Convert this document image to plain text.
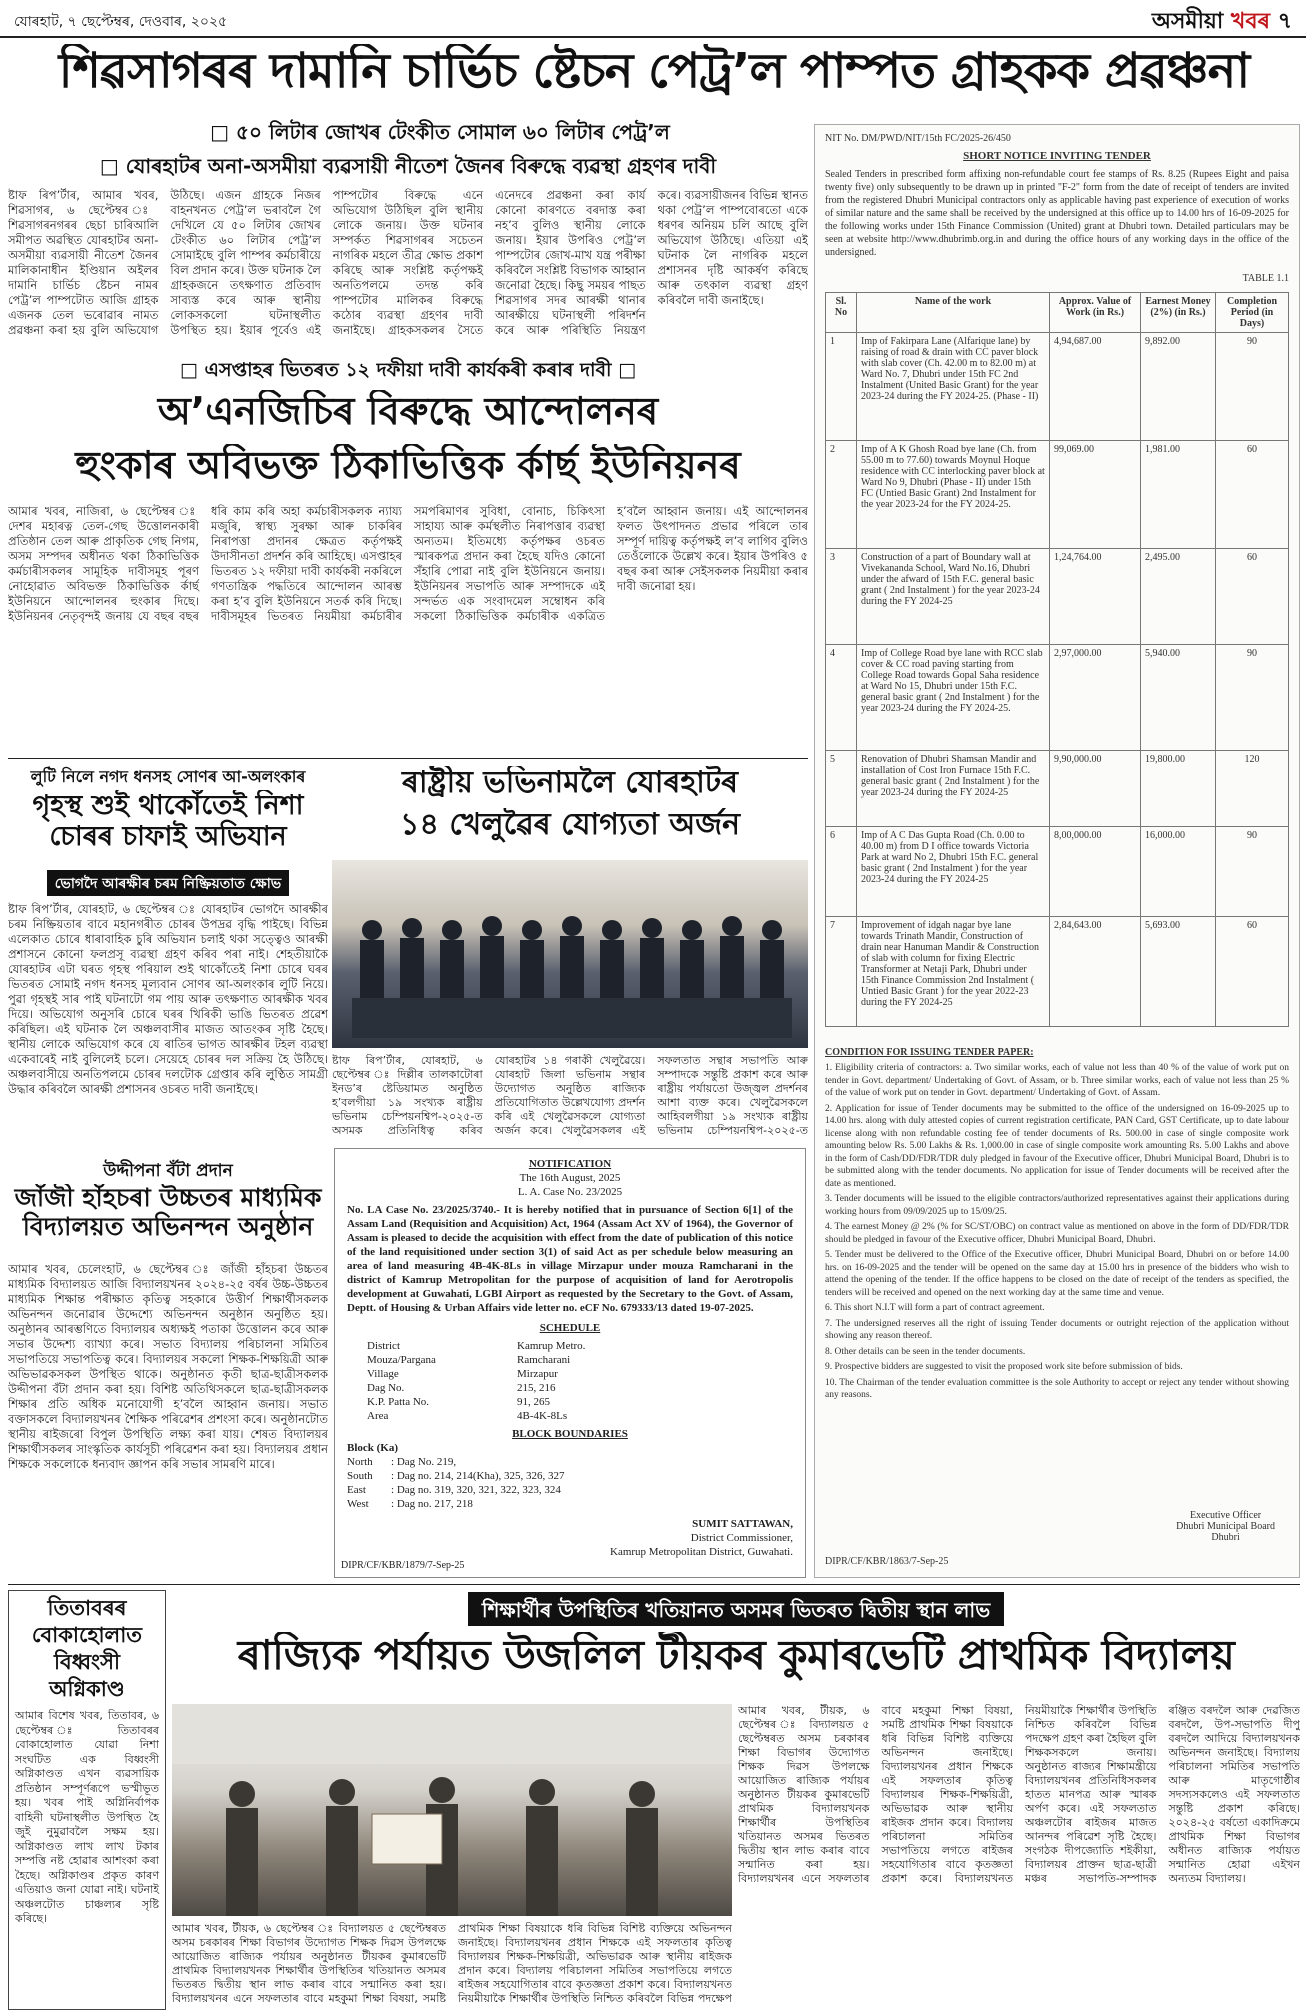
যোৰহাট, ৭ ছেপ্টেম্বৰ, দেওবাৰ, ২০২৫	অসমীয়া খবৰ ৭
শিৱসাগৰৰ দামানি চাৰ্ভিচ ষ্টেচন পেট্ৰ’ল পাম্পত গ্ৰাহকক প্ৰৱঞ্চনা
□ ৫০ লিটাৰ জোখৰ টেংকীত সোমাল ৬০ লিটাৰ পেট্ৰ’ল
□ যোৰহাটৰ অনা-অসমীয়া ব্যৱসায়ী নীতেশ জৈনৰ বিৰুদ্ধে ব্যৱস্থা গ্ৰহণৰ দাবী
ষ্টাফ ৰিপ’ৰ্টাৰ, আমাৰ খবৰ, শিৱসাগৰ, ৬ ছেপ্টেম্বৰ ঃ শিৱসাগৰনগৰৰ ছেচা চাৰিআলি সমীপত অৱস্থিত যোৰহাটৰ অনা-অসমীয়া ব্যৱসায়ী নীতেশ জৈনৰ মালিকানাধীন ইণ্ডিয়ান অইলৰ দামানি চাৰ্ভিচ ষ্টেচন নামৰ পেট্ৰ’ল পাম্পটোত আজি গ্ৰাহক এজনক তেল ভৰোৱাৰ নামত প্ৰৱঞ্চনা কৰা হয় বুলি অভিযোগ উঠিছে। এজন গ্ৰাহকে নিজৰ বাহনখনত পেট্ৰ’ল ভৰাবলৈ গৈ দেখিলে যে ৫০ লিটাৰ জোখৰ টেংকীত ৬০ লিটাৰ পেট্ৰ’ল সোমাইছে বুলি পাম্পৰ কৰ্মচাৰীয়ে বিল প্ৰদান কৰে। উক্ত ঘটনাক লৈ গ্ৰাহকজনে তৎক্ষণাত প্ৰতিবাদ সাব্যস্ত কৰে আৰু স্থানীয় লোকসকলো ঘটনাস্থলীত উপস্থিত হয়। ইয়াৰ পূৰ্বেও এই পাম্পটোৰ বিৰুদ্ধে এনে অভিযোগ উঠিছিল বুলি স্থানীয় লোকে জনায়। উক্ত ঘটনাৰ সম্পৰ্কত শিৱসাগৰৰ সচেতন নাগৰিক মহলে তীব্ৰ ক্ষোভ প্ৰকাশ কৰিছে আৰু সংশ্লিষ্ট কৰ্তৃপক্ষই অনতিপলমে তদন্ত কৰি পাম্পটোৰ মালিকৰ বিৰুদ্ধে কঠোৰ ব্যৱস্থা গ্ৰহণৰ দাবী জনাইছে। গ্ৰাহকসকলৰ সৈতে এনেদৰে প্ৰৱঞ্চনা কৰা কাৰ্য কোনো কাৰণতে বৰদাস্ত কৰা নহ’ব বুলিও স্থানীয় লোকে জনায়। ইয়াৰ উপৰিও পেট্ৰ’ল পাম্পটোৰ জোখ-মাখ যন্ত্ৰ পৰীক্ষা কৰিবলৈ সংশ্লিষ্ট বিভাগক আহ্বান জনোৱা হৈছে। কিছু সময়ৰ পাছত শিৱসাগৰ সদৰ আৰক্ষী থানাৰ আৰক্ষীয়ে ঘটনাস্থলী পৰিদৰ্শন কৰে আৰু পৰিস্থিতি নিয়ন্ত্ৰণ কৰে। ব্যৱসায়ীজনৰ বিভিন্ন স্থানত থকা পেট্ৰ’ল পাম্পবোৰতো একে ধৰণৰ অনিয়ম চলি আছে বুলি অভিযোগ উঠিছে। এতিয়া এই ঘটনাক লৈ নাগৰিক মহলে প্ৰশাসনৰ দৃষ্টি আকৰ্ষণ কৰিছে আৰু তৎকাল ব্যৱস্থা গ্ৰহণ কৰিবলৈ দাবী জনাইছে।
□ এসপ্তাহৰ ভিতৰত ১২ দফীয়া দাবী কাৰ্যকৰী কৰাৰ দাবী □
অ’এনজিচিৰ বিৰুদ্ধে আন্দোলনৰ
হুংকাৰ অবিভক্ত ঠিকাভিত্তিক ৰ্কাৰ্ছ ইউনিয়নৰ
আমাৰ খবৰ, নাজিৰা, ৬ ছেপ্টেম্বৰ ঃ দেশৰ মহাৰত্ন তেল-গেছ উত্তোলনকাৰী প্ৰতিষ্ঠান তেল আৰু প্ৰাকৃতিক গেছ নিগম, অসম সম্পদৰ অধীনত থকা ঠিকাভিত্তিক কৰ্মচাৰীসকলৰ সামূহিক দাবীসমূহ পূৰণ নোহোৱাত অবিভক্ত ঠিকাভিত্তিক ৰ্কাৰ্ছ ইউনিয়নে আন্দোলনৰ হুংকাৰ দিছে। ইউনিয়নৰ নেতৃবৃন্দই জনায় যে বছৰ বছৰ ধৰি কাম কৰি অহা কৰ্মচাৰীসকলক ন্যায্য মজুৰি, স্বাস্থ্য সুৰক্ষা আৰু চাকৰিৰ নিৰাপত্তা প্ৰদানৰ ক্ষেত্ৰত কৰ্তৃপক্ষই উদাসীনতা প্ৰদৰ্শন কৰি আহিছে। এসপ্তাহৰ ভিতৰত ১২ দফীয়া দাবী কাৰ্যকৰী নকৰিলে গণতান্ত্ৰিক পদ্ধতিৰে আন্দোলন আৰম্ভ কৰা হ’ব বুলি ইউনিয়নে সতৰ্ক কৰি দিছে। দাবীসমূহৰ ভিতৰত নিয়মীয়া কৰ্মচাৰীৰ সমপৰিমাণৰ সুবিধা, বোনাচ, চিকিৎসা সাহায্য আৰু কৰ্মস্থলীত নিৰাপত্তাৰ ব্যৱস্থা অন্যতম। ইতিমধ্যে কৰ্তৃপক্ষৰ ওচৰত স্মাৰকপত্ৰ প্ৰদান কৰা হৈছে যদিও কোনো সঁহাৰি পোৱা নাই বুলি ইউনিয়নে জনায়। ইউনিয়নৰ সভাপতি আৰু সম্পাদকে এই সন্দৰ্ভত এক সংবাদমেল সম্বোধন কৰি সকলো ঠিকাভিত্তিক কৰ্মচাৰীক একত্ৰিত হ’বলৈ আহ্বান জনায়। এই আন্দোলনৰ ফলত উৎপাদনত প্ৰভাৱ পৰিলে তাৰ সম্পূৰ্ণ দায়িত্ব কৰ্তৃপক্ষই ল’ব লাগিব বুলিও তেওঁলোকে উল্লেখ কৰে। ইয়াৰ উপৰিও ৫ বছৰ কৰা আৰু সেইসকলক নিয়মীয়া কৰাৰ দাবী জনোৱা হয়।
লুটি নিলে নগদ ধনসহ সোণৰ আ-অলংকাৰ
গৃহস্থ শুই থাকোঁতেই নিশা চোৰৰ চাফাই অভিযান
ভোগদৈ আৰক্ষীৰ চৰম নিষ্ক্ৰিয়তাত ক্ষোভ
ষ্টাফ ৰিপ’ৰ্টাৰ, যোৰহাট, ৬ ছেপ্টেম্বৰ ঃ যোৰহাটৰ ভোগদৈ আৰক্ষীৰ চৰম নিষ্ক্ৰিয়তাৰ বাবে মহানগৰীত চোৰৰ উপদ্ৰৱ বৃদ্ধি পাইছে। বিভিন্ন এলেকাত চোৰে ধাৰাবাহিক চুৰি অভিযান চলাই থকা সত্ত্বেও আৰক্ষী প্ৰশাসনে কোনো ফলপ্ৰসূ ব্যৱস্থা গ্ৰহণ কৰিব পৰা নাই। শেহতীয়াকৈ যোৰহাটৰ এটা ঘৰত গৃহস্থ পৰিয়াল শুই থাকোঁতেই নিশা চোৰে ঘৰৰ ভিতৰত সোমাই নগদ ধনসহ মূল্যবান সোণৰ আ-অলংকাৰ লুটি নিয়ে। পুৱা গৃহস্থই সাৰ পাই ঘটনাটো গম পায় আৰু তৎক্ষণাত আৰক্ষীক খবৰ দিয়ে। অভিযোগ অনুসৰি চোৰে ঘৰৰ খিৰিকী ভাঙি ভিতৰত প্ৰৱেশ কৰিছিল। এই ঘটনাক লৈ অঞ্চলবাসীৰ মাজত আতংকৰ সৃষ্টি হৈছে। স্থানীয় লোকে অভিযোগ কৰে যে ৰাতিৰ ভাগত আৰক্ষীৰ টহল ব্যৱস্থা একেবাৰেই নাই বুলিলেই চলে। সেয়েহে চোৰৰ দল সক্ৰিয় হৈ উঠিছে। অঞ্চলবাসীয়ে অনতিপলমে চোৰৰ দলটোক গ্ৰেপ্তাৰ কৰি লুণ্ঠিত সামগ্ৰী উদ্ধাৰ কৰিবলৈ আৰক্ষী প্ৰশাসনৰ ওচৰত দাবী জনাইছে।
উদ্দীপনা বঁটা প্ৰদান
জাঁজী হাঁহচৰা উচ্চতৰ মাধ্যমিক বিদ্যালয়ত অভিনন্দন অনুষ্ঠান
আমাৰ খবৰ, চেলেংহাট, ৬ ছেপ্টেম্বৰ ঃ জাঁজী হাঁহচৰা উচ্চতৰ মাধ্যমিক বিদ্যালয়ত আজি বিদ্যালয়খনৰ ২০২৪-২৫ বৰ্ষৰ উচ্চ-উচ্চতৰ মাধ্যমিক শিক্ষান্ত পৰীক্ষাত কৃতিত্ব সহকাৰে উত্তীৰ্ণ শিক্ষাৰ্থীসকলক অভিনন্দন জনোৱাৰ উদ্দেশ্যে অভিনন্দন অনুষ্ঠান অনুষ্ঠিত হয়। অনুষ্ঠানৰ আৰম্ভণিতে বিদ্যালয়ৰ অধ্যক্ষই পতাকা উত্তোলন কৰে আৰু সভাৰ উদ্দেশ্য ব্যাখ্যা কৰে। সভাত বিদ্যালয় পৰিচালনা সমিতিৰ সভাপতিয়ে সভাপতিত্ব কৰে। বিদ্যালয়ৰ সকলো শিক্ষক-শিক্ষয়িত্ৰী আৰু অভিভাৱকসকল উপস্থিত থাকে। অনুষ্ঠানত কৃতী ছাত্ৰ-ছাত্ৰীসকলক উদ্দীপনা বঁটা প্ৰদান কৰা হয়। বিশিষ্ট অতিথিসকলে ছাত্ৰ-ছাত্ৰীসকলক শিক্ষাৰ প্ৰতি অধিক মনোযোগী হ’বলৈ আহ্বান জনায়। সভাত বক্তাসকলে বিদ্যালয়খনৰ শৈক্ষিক পৰিৱেশৰ প্ৰশংসা কৰে। অনুষ্ঠানটোত স্থানীয় ৰাইজৰো বিপুল উপস্থিতি লক্ষ্য কৰা যায়। শেষত বিদ্যালয়ৰ শিক্ষাৰ্থীসকলৰ সাংস্কৃতিক কাৰ্যসূচী পৰিৱেশন কৰা হয়। বিদ্যালয়ৰ প্ৰধান শিক্ষকে সকলোকে ধন্যবাদ জ্ঞাপন কৰি সভাৰ সামৰণি মাৰে।
ৰাষ্ট্ৰীয় ভভিনামলৈ যোৰহাটৰ
১৪ খেলুৱৈৰ যোগ্যতা অৰ্জন
ষ্টাফ ৰিপ’ৰ্টাৰ, যোৰহাট, ৬ ছেপ্টেম্বৰ ঃ দিল্লীৰ তালকাটোৰা ইনড’ৰ ষ্টেডিয়ামত অনুষ্ঠিত হ’বলগীয়া ১৯ সংখ্যক ৰাষ্ট্ৰীয় ভভিনাম চেম্পিয়নশ্বিপ-২০২৫-ত অসমক প্ৰতিনিধিত্ব কৰিব যোৰহাটৰ ১৪ গৰাকী খেলুৱৈয়ে। যোৰহাট জিলা ভভিনাম সন্থাৰ উদ্যোগত অনুষ্ঠিত ৰাজ্যিক প্ৰতিযোগিতাত উল্লেখযোগ্য প্ৰদৰ্শন কৰি এই খেলুৱৈসকলে যোগ্যতা অৰ্জন কৰে। খেলুৱৈসকলৰ এই সফলতাত সন্থাৰ সভাপতি আৰু সম্পাদকে সন্তুষ্টি প্ৰকাশ কৰে আৰু ৰাষ্ট্ৰীয় পৰ্যায়তো উজ্জ্বল প্ৰদৰ্শনৰ আশা ব্যক্ত কৰে। খেলুৱৈসকলে আহিবলগীয়া ১৯ সংখ্যক ৰাষ্ট্ৰীয় ভভিনাম চেম্পিয়নশ্বিপ-২০২৫-ত
NOTIFICATION
The 16th August, 2025
L. A. Case No. 23/2025
No. LA Case No. 23/2025/3740.- It is hereby notified that in pursuance of Section 6[1] of the Assam Land (Requisition and Acquisition) Act, 1964 (Assam Act XV of 1964), the Governor of Assam is pleased to decide the acquisition with effect from the date of publication of this notice of the land requisitioned under section 3(1) of said Act as per schedule below measuring an area of land measuring 4B-4K-8Ls in village Mirzapur under mouza Ramcharani in the district of Kamrup Metropolitan for the purpose of acquisition of land for Aerotropolis development at Guwahati, LGBI Airport as requested by the Secretary to the Govt. of Assam, Deptt. of Housing & Urban Affairs vide letter no. eCF No. 679333/13 dated 19-07-2025.
SCHEDULE
District	Kamrup Metro.
Mouza/Pargana	Ramcharani
Village	Mirzapur
Dag No.	215, 216
K.P. Patta No.	91, 265
Area	4B-4K-8Ls
BLOCK BOUNDARIES
Block (Ka)
North : Dag No. 219,
South : Dag no. 214, 214(Kha), 325, 326, 327
East : Dag no. 319, 320, 321, 322, 323, 324
West : Dag no. 217, 218
SUMIT SATTAWAN,
District Commissioner,
Kamrup Metropolitan District, Guwahati.
DIPR/CF/KBR/1879/7-Sep-25
NIT No. DM/PWD/NIT/15th FC/2025-26/450
SHORT NOTICE INVITING TENDER
Sealed Tenders in prescribed form affixing non-refundable court fee stamps of Rs. 8.25 (Rupees Eight and paisa twenty five) only subsequently to be drawn up in printed "F-2" form from the date of receipt of tenders are invited from the registered Dhubri Municipal contractors only as applicable having past experience of execution of works of similar nature and the same shall be received by the undersigned at this office up to 14.00 hrs of 16-09-2025 for the following works under 15th Finance Commission (United) grant at Dhubri town. Detailed particulars may be seen at website http://www.dhubrimb.org.in and during the office hours of any working days in the office of the undersigned.
TABLE 1.1
Sl. No	Name of the work	Approx. Value of Work (in Rs.)	Earnest Money (2%) (in Rs.)	Completion Period (in Days)
1	Imp of Fakirpara Lane (Alfarique lane) by raising of road & drain with CC paver block with slab cover (Ch. 42.00 m to 82.00 m) at Ward No. 7, Dhubri under 15th FC 2nd Instalment (United Basic Grant) for the year 2023-24 during the FY 2024-25. (Phase - II)	4,94,687.00	9,892.00	90
2	Imp of A K Ghosh Road bye lane (Ch. from 55.00 m to 77.60) towards Moynul Hoque residence with CC interlocking paver block at Ward No 9, Dhubri (Phase - II) under 15th FC (Untied Basic Grant) 2nd Instalment for the year 2023-24 for the FY 2024-25.	99,069.00	1,981.00	60
3	Construction of a part of Boundary wall at Vivekananda School, Ward No.16, Dhubri under the afward of 15th F.C. general basic grant ( 2nd Instalment ) for the year 2023-24 during the FY 2024-25	1,24,764.00	2,495.00	60
4	Imp of College Road bye lane with RCC slab cover & CC road paving starting from College Road towards Gopal Saha residence at Ward No 15, Dhubri under 15th F.C. general basic grant ( 2nd Instalment ) for the year 2023-24 during the FY 2024-25.	2,97,000.00	5,940.00	90
5	Renovation of Dhubri Shamsan Mandir and installation of Cost Iron Furnace 15th F.C. general basic grant ( 2nd Instalment ) for the year 2023-24 during the FY 2024-25	9,90,000.00	19,800.00	120
6	Imp of A C Das Gupta Road (Ch. 0.00 to 40.00 m) from D I office towards Victoria Park at ward No 2, Dhubri 15th F.C. general basic grant ( 2nd Instalment ) for the year 2023-24 during the FY 2024-25	8,00,000.00	16,000.00	90
7	Improvement of idgah nagar bye lane towards Trinath Mandir, Construction of drain near Hanuman Mandir & Construction of slab with column for fixing Electric Transformer at Netaji Park, Dhubri under 15th Finance Commission 2nd Instalment ( Untied Basic Grant ) for the year 2022-23 during the FY 2024-25	2,84,643.00	5,693.00	60
CONDITION FOR ISSUING TENDER PAPER:
1. Eligibility criteria of contractors: a. Two similar works, each of value not less than 40 % of the value of work put on tender in Govt. department/ Undertaking of Govt. of Assam, or b. Three similar works, each of value not less than 25 % of the value of work put on tender in Govt. department/ Undertaking of Govt. of Assam.
2. Application for issue of Tender documents may be submitted to the office of the undersigned on 16-09-2025 up to 14.00 hrs. along with duly attested copies of current registration certificate, PAN Card, GST Certificate, up to date labour license along with non refundable costing fee of tender documents of Rs. 500.00 in case of single composite work amounting below Rs. 5.00 Lakhs & Rs. 1,000.00 in case of single composite work amounting Rs. 5.00 Lakhs and above in the form of Cash/DD/FDR/TDR duly pledged in favour of the Executive officer, Dhubri Municipal Board, Dhubri is to be submitted along with the tender documents. No application for issue of Tender documents will be received after the date as mentioned.
3. Tender documents will be issued to the eligible contractors/authorized representatives against their applications during working hours from 09/09/2025 up to 15/09/25.
4. The earnest Money @ 2% (% for SC/ST/OBC) on contract value as mentioned on above in the form of DD/FDR/TDR should be pledged in favour of the Executive officer, Dhubri Municipal Board, Dhubri.
5. Tender must be delivered to the Office of the Executive officer, Dhubri Municipal Board, Dhubri on or before 14.00 hrs. on 16-09-2025 and the tender will be opened on the same day at 15.00 hrs in presence of the bidders who wish to attend the opening of the tender. If the office happens to be closed on the date of receipt of the tenders as specified, the tenders will be received and opened on the next working day at the same time and venue.
6. This short N.I.T will form a part of contract agreement.
7. The undersigned reserves all the right of issuing Tender documents or outright rejection of the application without showing any reason thereof.
8. Other details can be seen in the tender documents.
9. Prospective bidders are suggested to visit the proposed work site before submission of bids.
10. The Chairman of the tender evaluation committee is the sole Authority to accept or reject any tender without showing any reasons.
Executive Officer
Dhubri Municipal Board
Dhubri
DIPR/CF/KBR/1863/7-Sep-25
তিতাবৰৰ বোকাহোলাত বিধ্বংসী অগ্নিকাণ্ড
আমাৰ বিশেষ খবৰ, তিতাবৰ, ৬ ছেপ্টেম্বৰ ঃ তিতাবৰৰ বোকাহোলাত যোৱা নিশা সংঘটিত এক বিধ্বংসী অগ্নিকাণ্ডত এখন ব্যৱসায়িক প্ৰতিষ্ঠান সম্পূৰ্ণৰূপে ভস্মীভূত হয়। খবৰ পাই অগ্নিনিৰ্বাপক বাহিনী ঘটনাস্থলীত উপস্থিত হৈ জুই নুমুৱাবলৈ সক্ষম হয়। অগ্নিকাণ্ডত লাখ লাখ টকাৰ সম্পত্তি নষ্ট হোৱাৰ আশংকা কৰা হৈছে। অগ্নিকাণ্ডৰ প্ৰকৃত কাৰণ এতিয়াও জনা যোৱা নাই। ঘটনাই অঞ্চলটোত চাঞ্চল্যৰ সৃষ্টি কৰিছে।
শিক্ষাৰ্থীৰ উপস্থিতিৰ খতিয়ানত অসমৰ ভিতৰত দ্বিতীয় স্থান লাভ
ৰাজ্যিক পৰ্যায়ত উজলিল টীয়কৰ কুমাৰভেটি প্ৰাথমিক বিদ্যালয়
আমাৰ খবৰ, টীয়ক, ৬ ছেপ্টেম্বৰ ঃ বিদ্যালয়ত ৫ ছেপ্টেম্বৰত অসম চৰকাৰৰ শিক্ষা বিভাগৰ উদ্যোগত শিক্ষক দিৱস উপলক্ষে আয়োজিত ৰাজ্যিক পৰ্যায়ৰ অনুষ্ঠানত টীয়কৰ কুমাৰভেটি প্ৰাথমিক বিদ্যালয়খনক শিক্ষাৰ্থীৰ উপস্থিতিৰ খতিয়ানত অসমৰ ভিতৰত দ্বিতীয় স্থান লাভ কৰাৰ বাবে সন্মানিত কৰা হয়। বিদ্যালয়খনৰ এনে সফলতাৰ বাবে মহকুমা শিক্ষা বিষয়া, সমষ্টি প্ৰাথমিক শিক্ষা বিষয়াকে ধৰি বিভিন্ন বিশিষ্ট ব্যক্তিয়ে অভিনন্দন জনাইছে। বিদ্যালয়খনৰ প্ৰধান শিক্ষকে এই সফলতাৰ কৃতিত্ব বিদ্যালয়ৰ শিক্ষক-শিক্ষয়িত্ৰী, অভিভাৱক আৰু স্থানীয় ৰাইজক প্ৰদান কৰে। বিদ্যালয় পৰিচালনা সমিতিৰ সভাপতিয়ে লগতে ৰাইজৰ সহযোগিতাৰ বাবে কৃতজ্ঞতা প্ৰকাশ কৰে। বিদ্যালয়খনত নিয়মীয়াকৈ শিক্ষাৰ্থীৰ উপস্থিতি নিশ্চিত কৰিবলৈ বিভিন্ন পদক্ষেপ
আমাৰ খবৰ, টীয়ক, ৬ ছেপ্টেম্বৰ ঃ বিদ্যালয়ত ৫ ছেপ্টেম্বৰত অসম চৰকাৰৰ শিক্ষা বিভাগৰ উদ্যোগত শিক্ষক দিৱস উপলক্ষে আয়োজিত ৰাজ্যিক পৰ্যায়ৰ অনুষ্ঠানত টীয়কৰ কুমাৰভেটি প্ৰাথমিক বিদ্যালয়খনক শিক্ষাৰ্থীৰ উপস্থিতিৰ খতিয়ানত অসমৰ ভিতৰত দ্বিতীয় স্থান লাভ কৰাৰ বাবে সন্মানিত কৰা হয়। বিদ্যালয়খনৰ এনে সফলতাৰ বাবে মহকুমা শিক্ষা বিষয়া, সমষ্টি প্ৰাথমিক শিক্ষা বিষয়াকে ধৰি বিভিন্ন বিশিষ্ট ব্যক্তিয়ে অভিনন্দন জনাইছে। বিদ্যালয়খনৰ প্ৰধান শিক্ষকে এই সফলতাৰ কৃতিত্ব বিদ্যালয়ৰ শিক্ষক-শিক্ষয়িত্ৰী, অভিভাৱক আৰু স্থানীয় ৰাইজক প্ৰদান কৰে। বিদ্যালয় পৰিচালনা সমিতিৰ সভাপতিয়ে লগতে ৰাইজৰ সহযোগিতাৰ বাবে কৃতজ্ঞতা প্ৰকাশ কৰে। বিদ্যালয়খনত নিয়মীয়াকৈ শিক্ষাৰ্থীৰ উপস্থিতি নিশ্চিত কৰিবলৈ বিভিন্ন পদক্ষেপ গ্ৰহণ কৰা হৈছিল বুলি শিক্ষকসকলে জনায়। অনুষ্ঠানত ৰাজ্যৰ শিক্ষামন্ত্ৰীয়ে বিদ্যালয়খনৰ প্ৰতিনিধিসকলৰ হাতত মানপত্ৰ আৰু স্মাৰক অৰ্পণ কৰে। এই সফলতাত অঞ্চলটোৰ ৰাইজৰ মাজত আনন্দৰ পৰিৱেশ সৃষ্টি হৈছে। সংগঠক দীপজ্যোতি শইকীয়া, বিদ্যালয়ৰ প্ৰাক্তন ছাত্ৰ-ছাত্ৰী মঞ্চৰ সভাপতি-সম্পাদক ৰঞ্জিত বৰদলৈ আৰু দেৱজিত বৰদলৈ, উপ-সভাপতি দীপু বৰদলৈ আদিয়ে বিদ্যালয়খনক অভিনন্দন জনাইছে। বিদ্যালয় পৰিচালনা সমিতিৰ সভাপতি আৰু মাতৃগোষ্ঠীৰ সদস্যসকলেও এই সফলতাত সন্তুষ্টি প্ৰকাশ কৰিছে। ২০২৪-২৫ বৰ্ষতো একাদিক্ৰমে প্ৰাথমিক শিক্ষা বিভাগৰ অধীনত ৰাজ্যিক পৰ্যায়ত সন্মানিত হোৱা এইখন অন্যতম বিদ্যালয়।
